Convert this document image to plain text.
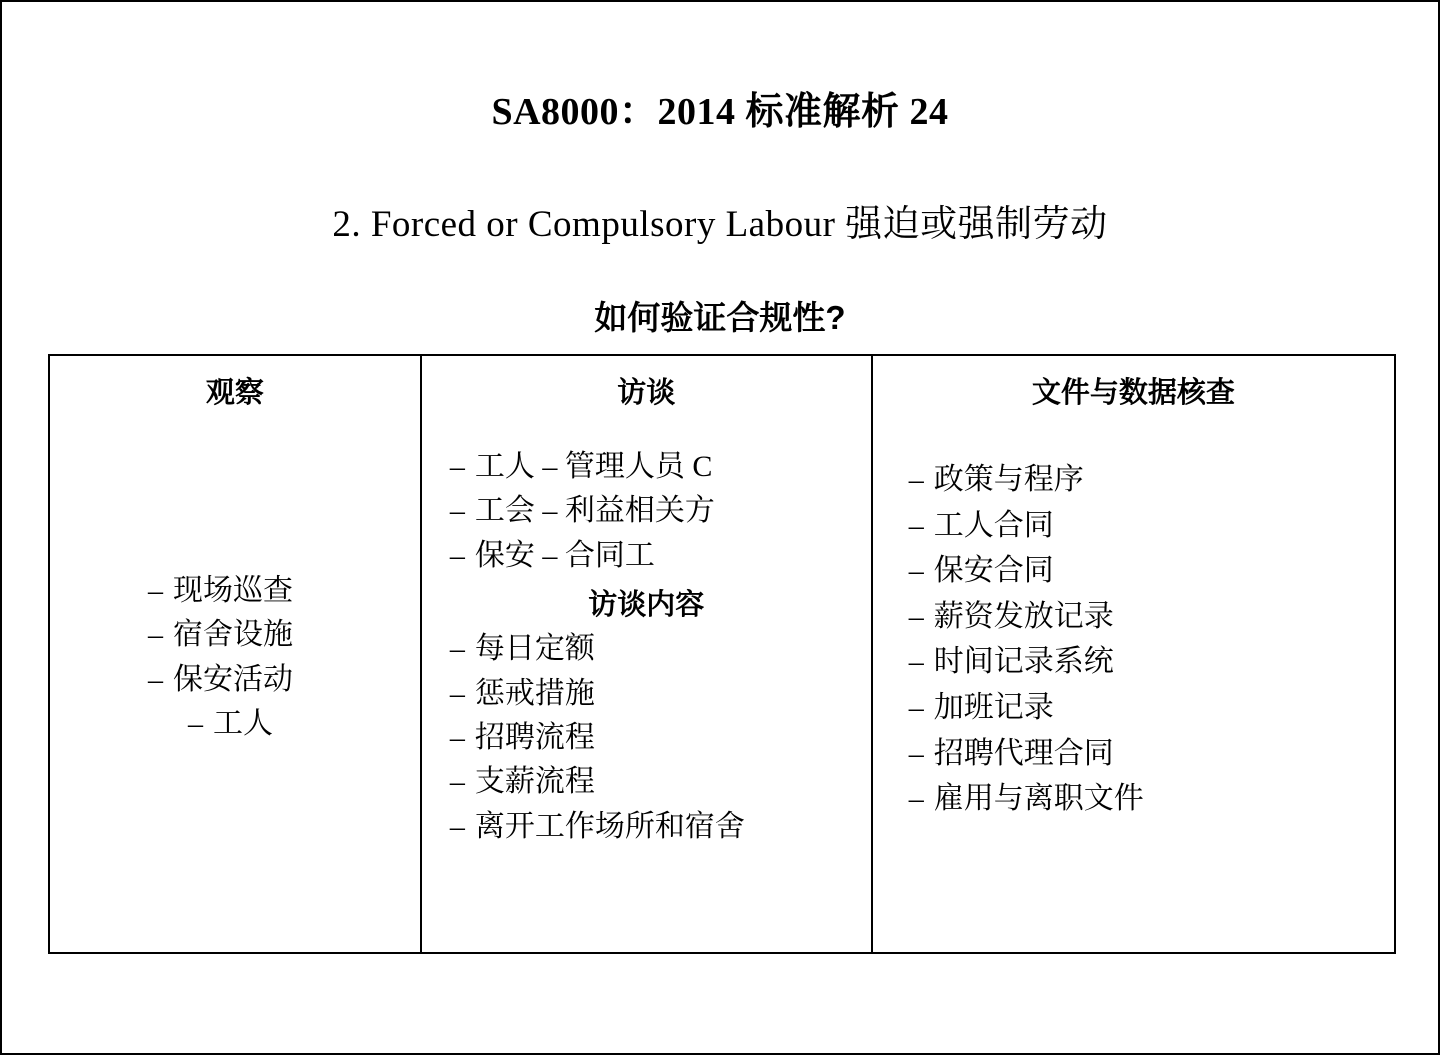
SA8000：2014 标准解析 24
2. Forced or Compulsory Labour 强迫或强制劳动
如何验证合规性?
观察
– 现场巡查
– 宿舍设施
– 保安活动
– 工人

访谈
– 工人 – 管理人员 C
– 工会 – 利益相关方
– 保安 – 合同工
访谈内容
– 每日定额
– 惩戒措施
– 招聘流程
– 支薪流程
– 离开工作场所和宿舍

文件与数据核查
– 政策与程序
– 工人合同
– 保安合同
– 薪资发放记录
– 时间记录系统
– 加班记录
– 招聘代理合同
– 雇用与离职文件
